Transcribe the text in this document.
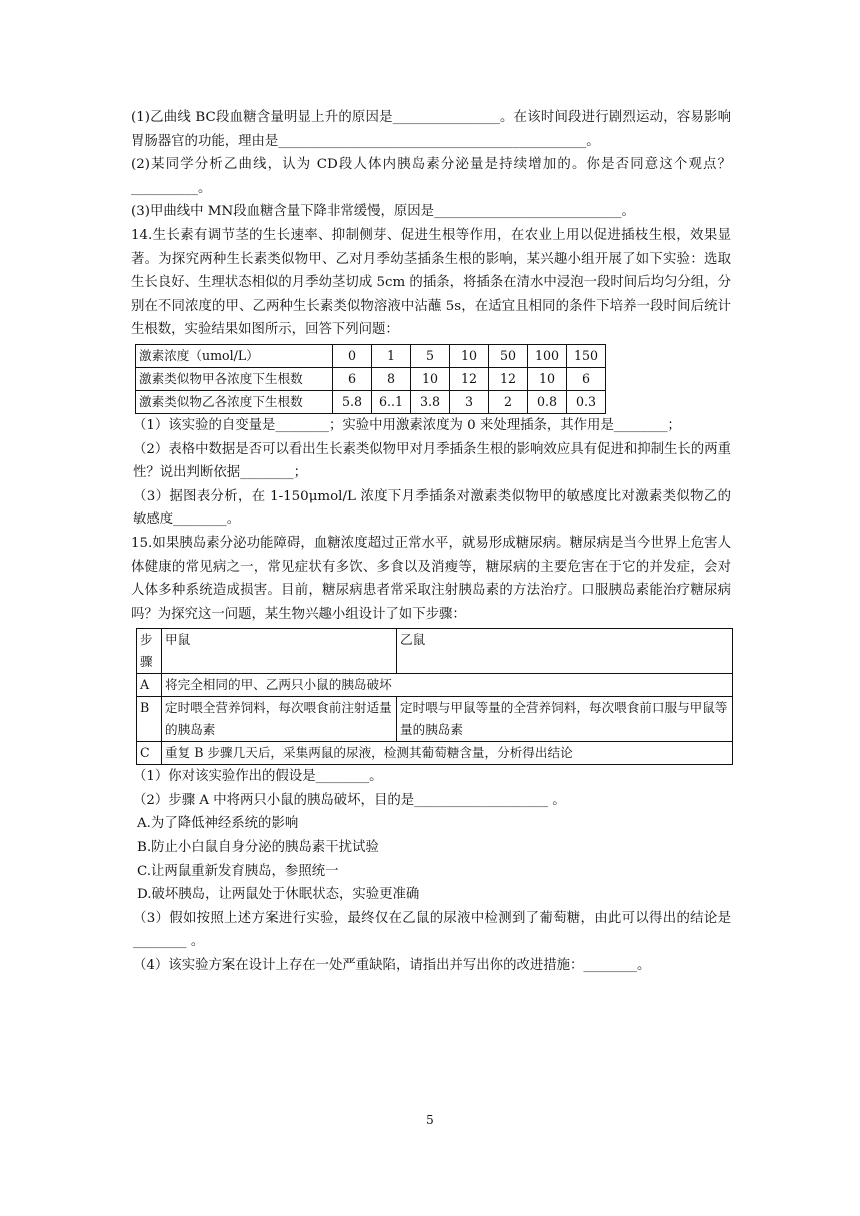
(1)乙曲线 BC段血糖含量明显上升的原因是________________。在该时间段进行剧烈运动，容易影响胃肠器官的功能，理由是______________________________________________。

(2)某同学分析乙曲线，认为 CD段人体内胰岛素分泌量是持续增加的。你是否同意这个观点？__________。

(3)甲曲线中 MN段血糖含量下降非常缓慢，原因是____________________________。

14.生长素有调节茎的生长速率、抑制侧芽、促进生根等作用，在农业上用以促进插枝生根，效果显著。为探究两种生长素类似物甲、乙对月季幼茎插条生根的影响，某兴趣小组开展了如下实验：选取生长良好、生理状态相似的月季幼茎切成 5cm 的插条，将插条在清水中浸泡一段时间后均匀分组，分别在不同浓度的甲、乙两种生长素类似物溶液中沾蘸 5s，在适宜且相同的条件下培养一段时间后统计生根数，实验结果如图所示，回答下列问题：

激素浓度（umol/L）	0	1	5	10	50	100	150
激素类似物甲各浓度下生根数	6	8	10	12	12	10	6
激素类似物乙各浓度下生根数	5.8	6..1	3.8	3	2	0.8	0.3

（1）该实验的自变量是________；实验中用激素浓度为 0 来处理插条，其作用是________；

（2）表格中数据是否可以看出生长素类似物甲对月季插条生根的影响效应具有促进和抑制生长的两重性？说出判断依据________；

（3）据图表分析，在 1-150μmol/L 浓度下月季插条对激素类似物甲的敏感度比对激素类似物乙的敏感度________。

15.如果胰岛素分泌功能障碍，血糖浓度超过正常水平，就易形成糖尿病。糖尿病是当今世界上危害人体健康的常见病之一，常见症状有多饮、多食以及消瘦等，糖尿病的主要危害在于它的并发症，会对人体多种系统造成损害。目前，糖尿病患者常采取注射胰岛素的方法治疗。口服胰岛素能治疗糖尿病吗？为探究这一问题，某生物兴趣小组设计了如下步骤：

步骤	甲鼠	乙鼠
A	将完全相同的甲、乙两只小鼠的胰岛破坏	
B	定时喂全营养饲料，每次喂食前注射适量的胰岛素	定时喂与甲鼠等量的全营养饲料，每次喂食前口服与甲鼠等量的胰岛素
C	重复 B 步骤几天后，采集两鼠的尿液，检测其葡萄糖含量，分析得出结论	

（1）你对该实验作出的假设是________。

（2）步骤 A 中将两只小鼠的胰岛破坏，目的是____________________ 。

A.为了降低神经系统的影响

B.防止小白鼠自身分泌的胰岛素干扰试验

C.让两鼠重新发育胰岛，参照统一

D.破坏胰岛，让两鼠处于休眠状态，实验更准确

（3）假如按照上述方案进行实验，最终仅在乙鼠的尿液中检测到了葡萄糖，由此可以得出的结论是________ 。

（4）该实验方案在设计上存在一处严重缺陷，请指出并写出你的改进措施：________。

5
